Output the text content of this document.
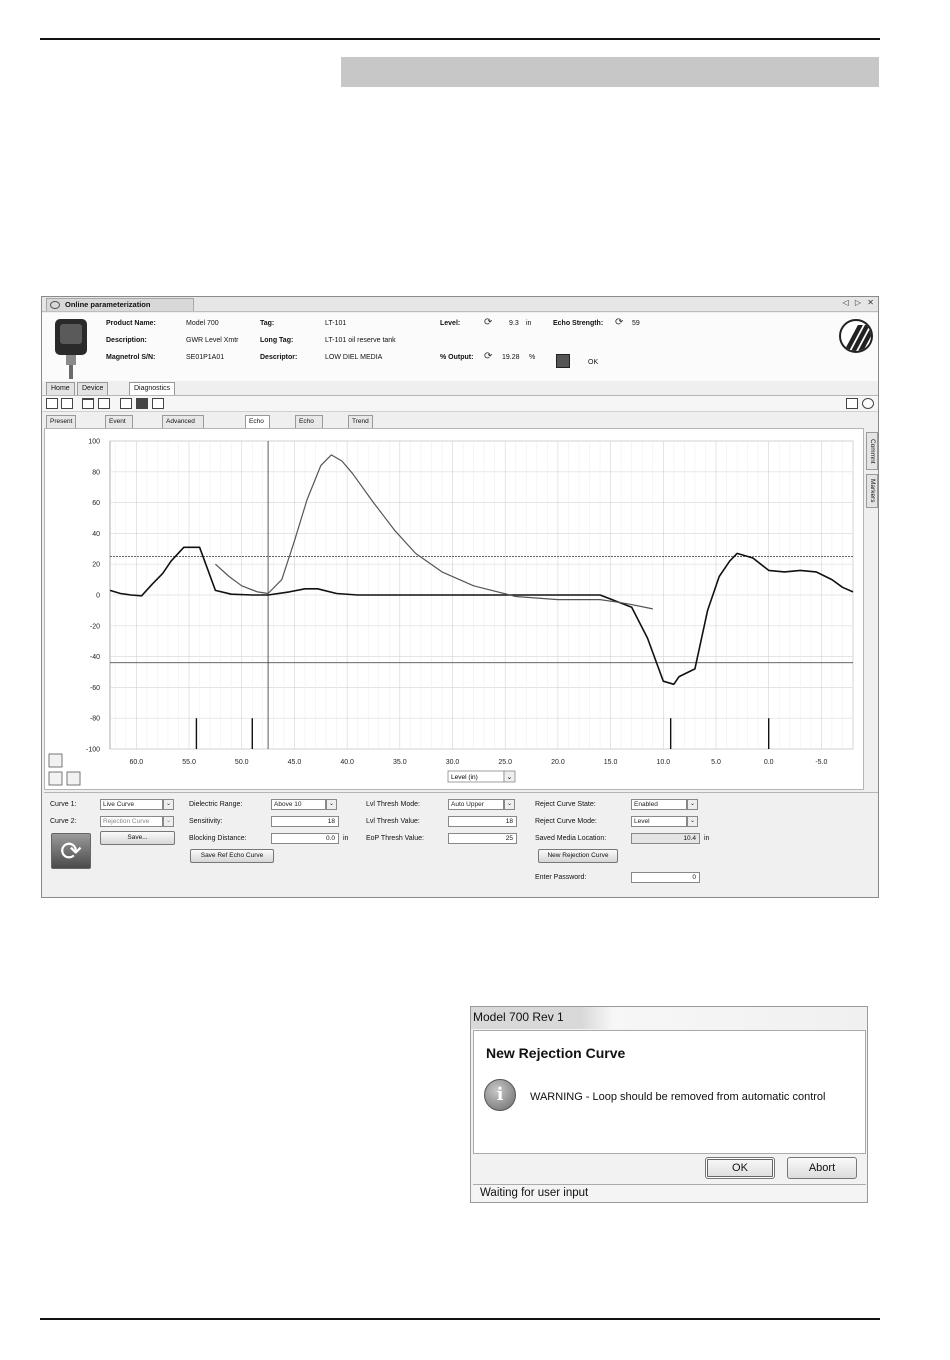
Online parameterization	◁ ▷ ✕
Product Name:	Model 700
Description:	GWR Level Xmtr
Magnetrol S/N:	SE01P1A01
Tag:	LT-101
Long Tag:	LT-101 oil reserve tank
Descriptor:	LOW DIEL MEDIA
Level: ⟳ 9.3 in
% Output: ⟳ 19.28 %
Echo Strength: ⟳ 59
OK
Home	Device	Diagnostics
Present	Event	Advanced	Echo	Echo	Trend
100
80
60
40
20
0
-20
-40
-60
-80
-100
60.0	55.0	50.0	45.0	40.0	35.0	30.0	25.0	20.0	15.0	10.0	5.0	0.0	-5.0
Level (in)	⌄
Commnt
Markers
Curve 1:	Live Curve	⌄
Curve 2:	Rejection Curve	⌄
Save...
⟳
Dielectric Range:	Above 10	⌄
Sensitivity:	18
Blocking Distance:	0.0	in
Save Ref Echo Curve
Lvl Thresh Mode:	Auto Upper	⌄
Lvl Thresh Value:	18
EoP Thresh Value:	25
Reject Curve State:	Enabled	⌄
Reject Curve Mode:	Level	⌄
Saved Media Location:	10.4	in
New Rejection Curve
Enter Password:	0
Model 700 Rev 1
New Rejection Curve
i	WARNING - Loop should be removed from automatic control
OK	Abort
Waiting for user input
